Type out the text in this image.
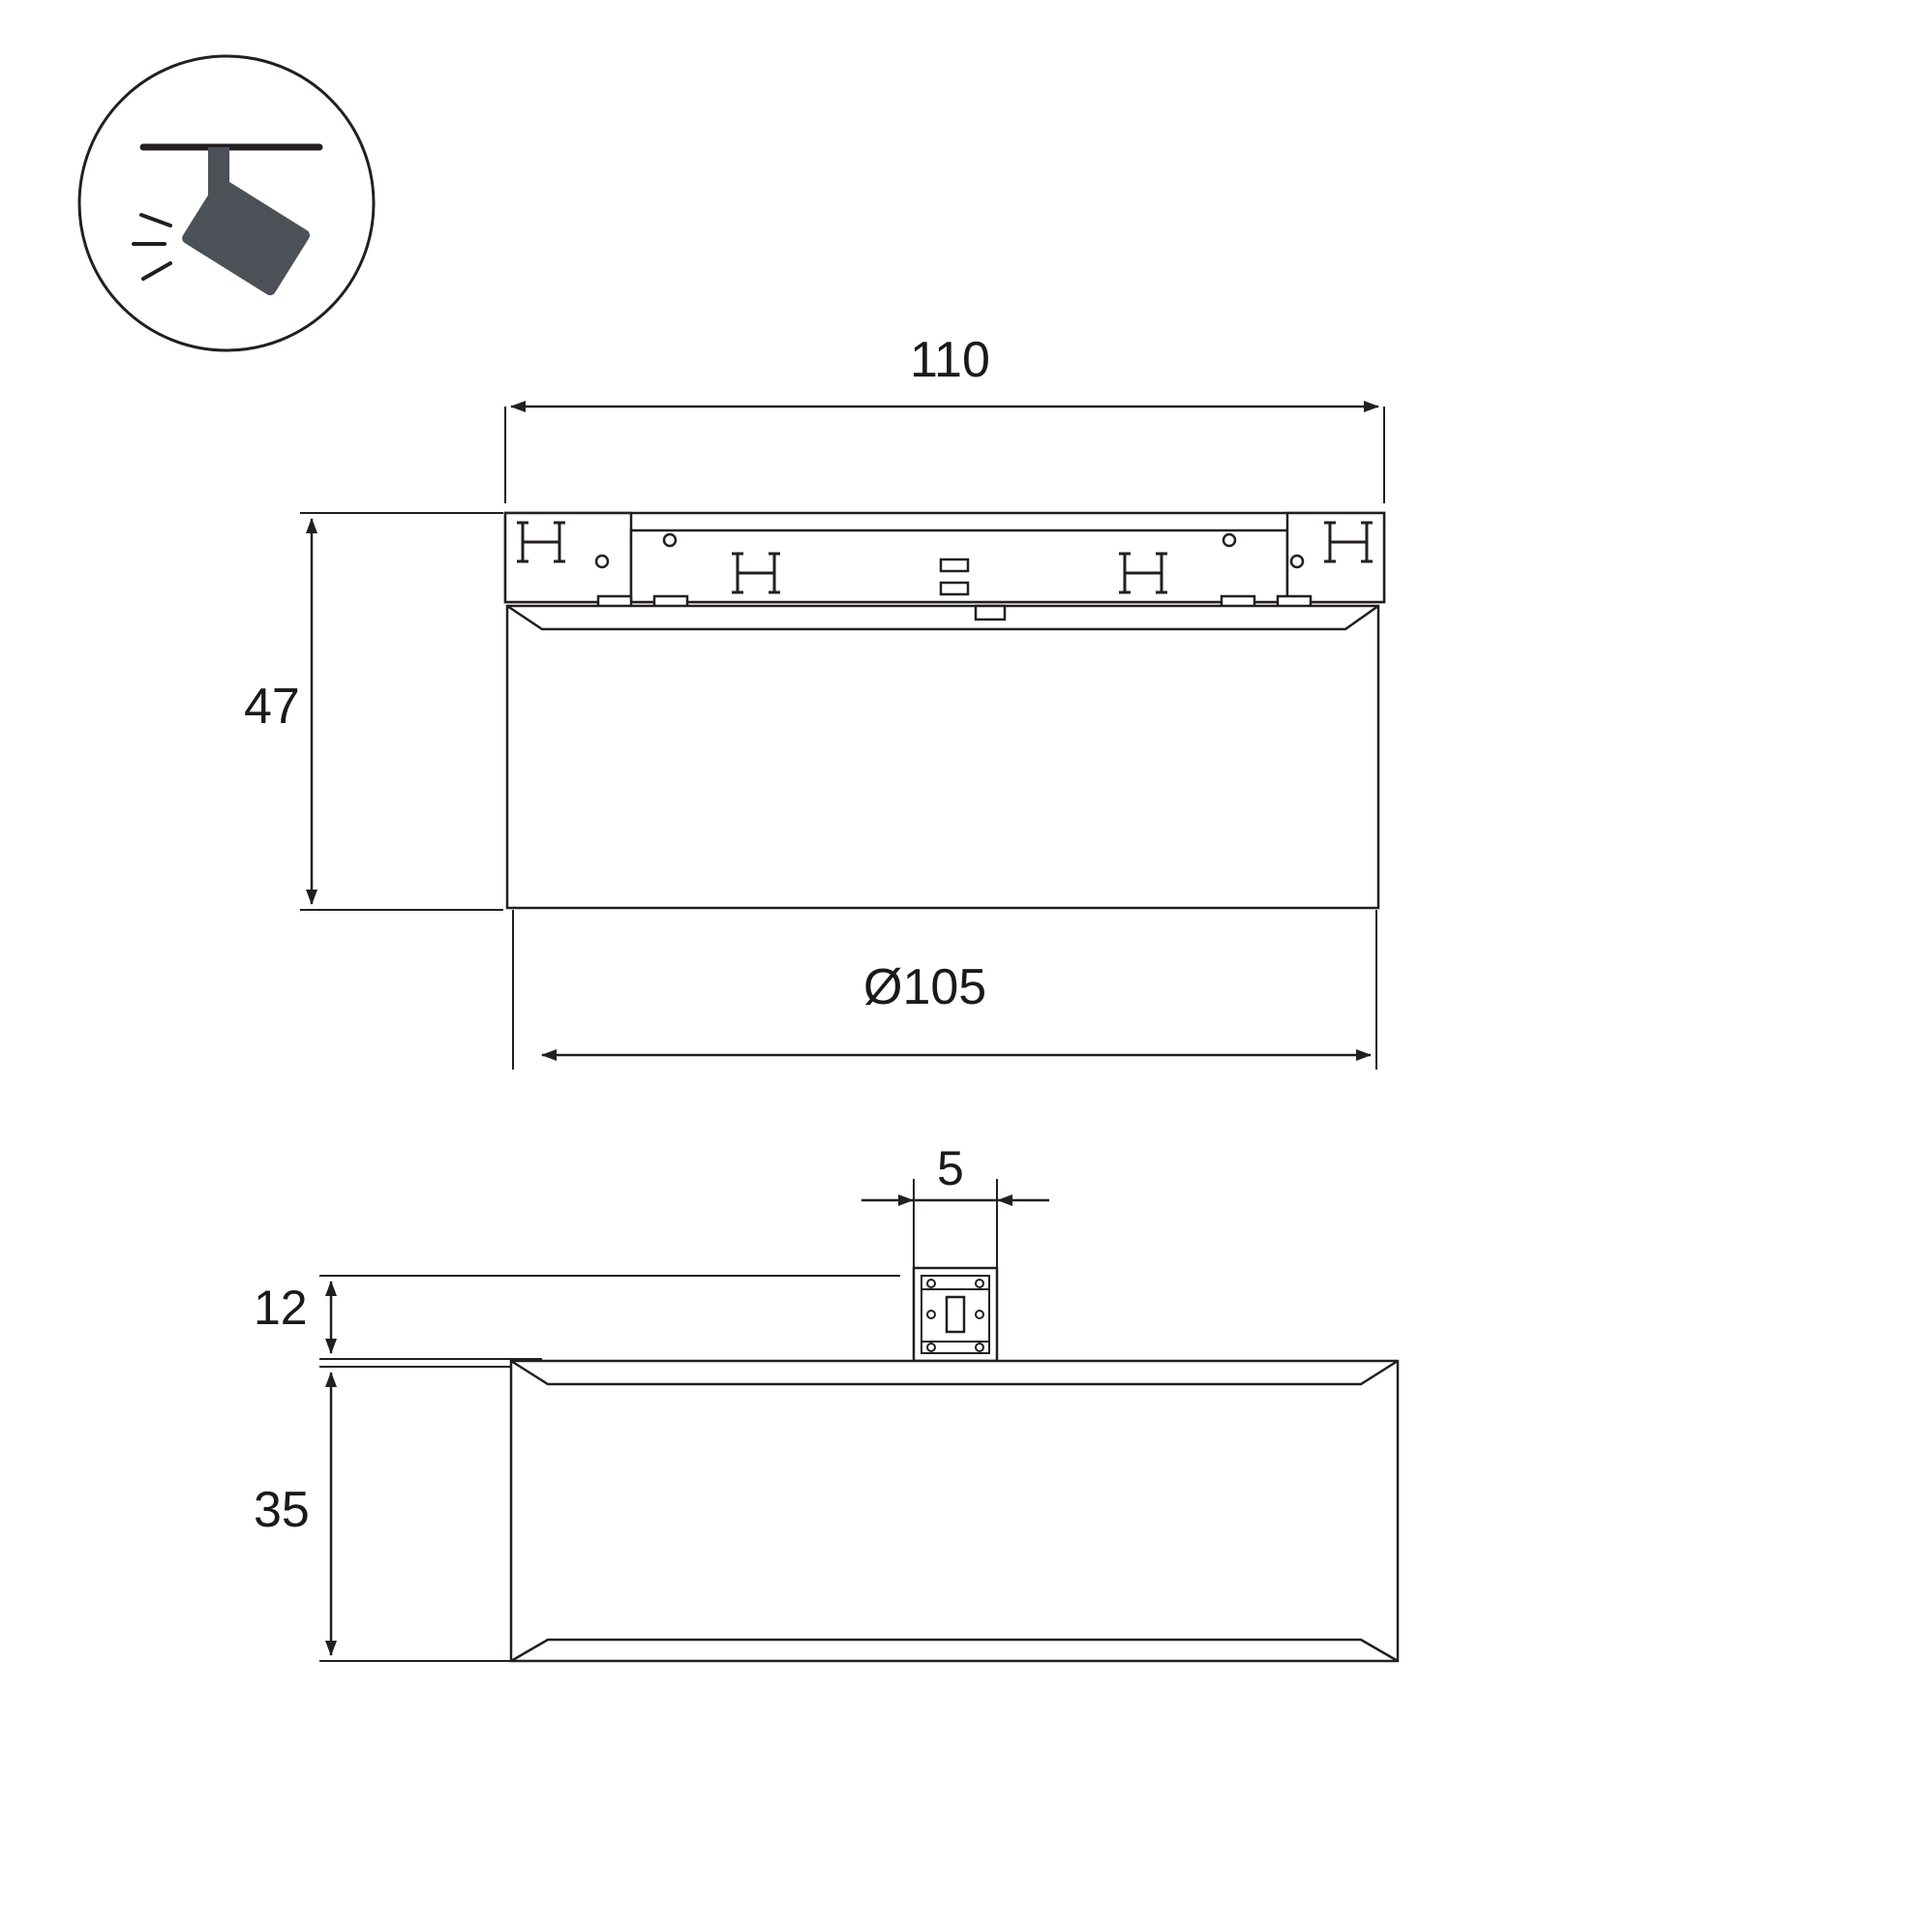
110
47
Ø105
5
12
35
